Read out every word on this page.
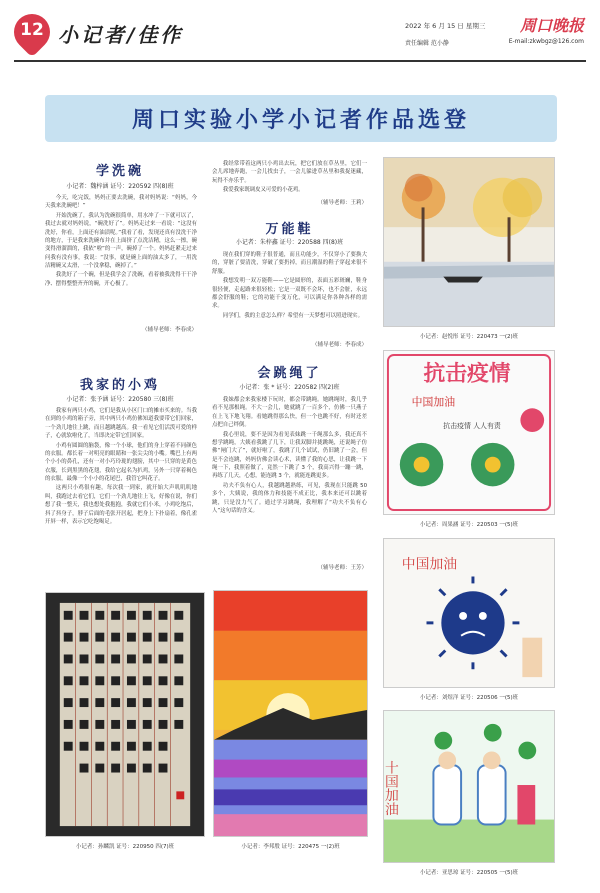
12 小记者/佳作	2022 年 6 月 15 日 星期三 周口晚报
责任编辑 范小静	E-mail:zkwbgz@126.com
周口实验小学小记者作品选登
学洗碗
小记者：魏梓涵 证号：220592 四(8)班

今天，吃完饭，妈妈正要去洗碗，我对妈妈说：“妈妈，今天我来洗碗吧！”

开始洗碗了，我认为洗碗很简单，用水冲了一下就可以了，我过去就对妈妈说，“碗洗好了”。妈妈走过来一看说：“这没有洗好，你看，上面还有油渍呢。”我看了看，发现还真有没洗干净的地方，于是我来洗碗布并在上面挤了点洗洁精，这么一擦，碗变得滑溜溜的，我依“啦”的一声，碗掉了一个。妈妈赶紧走过来问我有没有事，我说：“没事，就是碗上面的油太多了，一用洗洁精碗又太滑，一个没拿稳，碗掉了。”

我洗好了一个碗，但是我学会了洗碗，看着被我洗得干干净净、摆得整整齐齐的碗，开心极了。

（辅导老师：李春成）
我家的小鸡
小记者：张予涵 证号：220580 三(8)班

我家有两只小鸡，它们是我从小区门口的摊市买来的。当我在到的小鸡的箱子旁，其中两只小鸡仿佛知道我要带它们回家，一个劲儿地往上跳，而且越跳越高。我一看见它们活泼可爱的样子，心就软啦化了，当即决定带它们回家。

小鸡有圆圆的脑袋，像一个小球，他们的身上穿着不同颜色的衣服。都长着一对明亮的眼睛和一张尖尖的小嘴。嘴巴上有两个小小的鼻孔，还有一对小巧玲珑的翅膀，其中一只穿的是黄色衣服，长到黑黑的花翅，我给它起名为扒鸡，另外一只穿着褐色的衣服，最像一个小小的花尾巴，我管它叫花子。

这两只小鸡很有趣，每次我一到家，就开始大声叽叽叽地叫，我跑过去看它们，它们一个劲儿地往上飞，好像在说，你们想了我一整天，我也想处我抱抱，我就它们小米，小鸡吃饱后，抖了抖身子，脖子后面的毛张开居起，把身上下扑扇着，像孔雀开屏一样，表示它吃饱喝足。

我经常带着这两只小鸡出去玩，把它们放在草丛里，它们一会儿席地奔跑，一会儿找虫子，一会儿躲进草丛里和我捉迷藏，玩得不亦乐乎。

我爱我家既调皮又可爱的小花鸡。

（辅导老师：王莉）
万能鞋
小记者：朱梓鑫 证号：220588 四(8)班

现在我们穿的鞋子很普通，而且功能少，不仅穿小了要换大的，穿脏了要清洗，穿破了要扔掉，而且潮湿的鞋子穿起来很不舒服。

我想发明一双万能鞋——它是圆形的，表面五彩斑斓，鞋身很轻便，走起路来很轻松；它是一双既不会坏，也不会脏，永远都会舒服的鞋；它的功能千变万化，可以满足你各种各样的需求。

同学们，我的主意怎么样？希望有一天梦想可以照进现实。

（辅导老师：李春成）
会跳绳了
小记者：张 * 证号：220582 四(2)班

我妹都会来我家楼下玩时，都会带跳绳。她跳绳时，我几乎看不见那根绳。不大一会儿，她就跳了一百多个，仿佛一只燕子在上飞下地飞翔。看她跳得那么快，但一个也跳不好，有时还差点把自己绊倒。

我心里说，要不是因为看见表妹跳一千绳那么多，我还真不想学跳绳，大姨看我跳了几下，让我双脚并拢跳绳，还说绳子仿佛“闸门大了”，就好啦了，我跳了几个试试，仍旧跳了一会，但是不会连跳，妈妈仿佛会读心术，读懂了我的心思，让我跳一下绳一下，我照着做了，竟然一下跳了 3 个，我高兴得一蹦一跳，再练了几天，心想，能连跳 3 个，就能连跳更多。

功夫不负有心人，我越跳越熟练，可见，我现在只能跳 50 多个，大姨说，我的体力和技能不成正比，我本来还可以跳着跳，只是没力气了。通过学习跳绳，我理解了“功夫不负有心人”这句话的含义。

（辅导老师：王芳）
小记者：赵悦彤 证号：220473 一(2)班
抗击疫情
中国加油
抗击疫情 人人有责
小记者：周果涵 证号：220503 一(5)班
中国加油
小记者：刘煜洋 证号：220506 一(5)班
十国加油
小记者：亚思琼 证号：220505 一(5)班
小记者：孙麟凯 证号：220950 四(7)班	小记者：李邦殷 证号：220475 一(2)班
